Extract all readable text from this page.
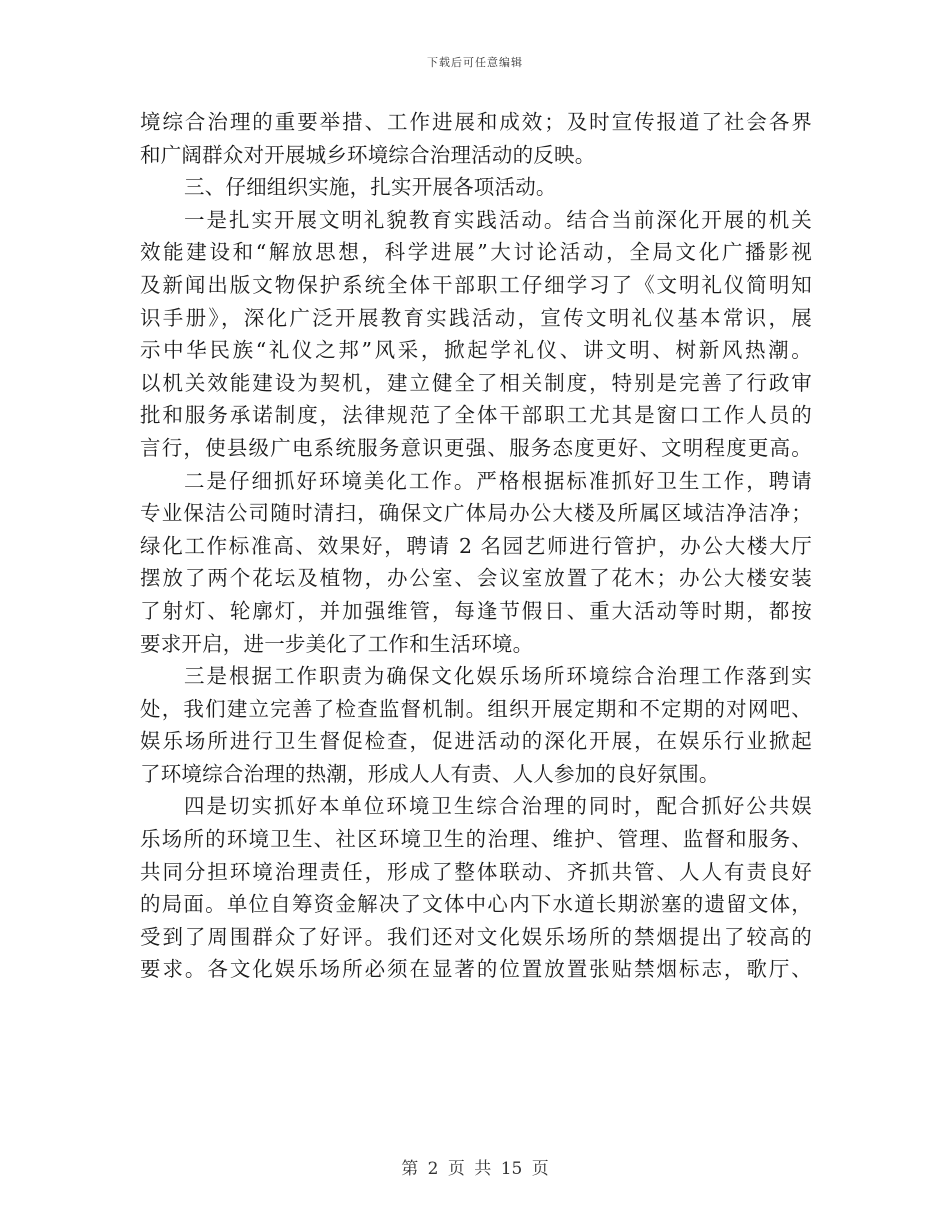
下载后可任意编辑
境综合治理的重要举措、工作进展和成效；及时宣传报道了社会各界
和广阔群众对开展城乡环境综合治理活动的反映。
三、仔细组织实施，扎实开展各项活动。
一是扎实开展文明礼貌教育实践活动。结合当前深化开展的机关
效能建设和“解放思想，科学进展”大讨论活动，全局文化广播影视
及新闻出版文物保护系统全体干部职工仔细学习了《文明礼仪简明知
识手册》，深化广泛开展教育实践活动，宣传文明礼仪基本常识，展
示中华民族“礼仪之邦”风采，掀起学礼仪、讲文明、树新风热潮。
以机关效能建设为契机，建立健全了相关制度，特别是完善了行政审
批和服务承诺制度，法律规范了全体干部职工尤其是窗口工作人员的
言行，使县级广电系统服务意识更强、服务态度更好、文明程度更高。
二是仔细抓好环境美化工作。严格根据标准抓好卫生工作，聘请
专业保洁公司随时清扫，确保文广体局办公大楼及所属区域洁净洁净；
绿化工作标准高、效果好，聘请 2 名园艺师进行管护，办公大楼大厅
摆放了两个花坛及植物，办公室、会议室放置了花木；办公大楼安装
了射灯、轮廓灯，并加强维管，每逢节假日、重大活动等时期，都按
要求开启，进一步美化了工作和生活环境。
三是根据工作职责为确保文化娱乐场所环境综合治理工作落到实
处，我们建立完善了检查监督机制。组织开展定期和不定期的对网吧、
娱乐场所进行卫生督促检查，促进活动的深化开展，在娱乐行业掀起
了环境综合治理的热潮，形成人人有责、人人参加的良好氛围。
四是切实抓好本单位环境卫生综合治理的同时，配合抓好公共娱
乐场所的环境卫生、社区环境卫生的治理、维护、管理、监督和服务、
共同分担环境治理责任，形成了整体联动、齐抓共管、人人有责良好
的局面。单位自筹资金解决了文体中心内下水道长期淤塞的遗留文体，
受到了周围群众了好评。我们还对文化娱乐场所的禁烟提出了较高的
要求。各文化娱乐场所必须在显著的位置放置张贴禁烟标志，歌厅、
第 2 页 共 15 页
